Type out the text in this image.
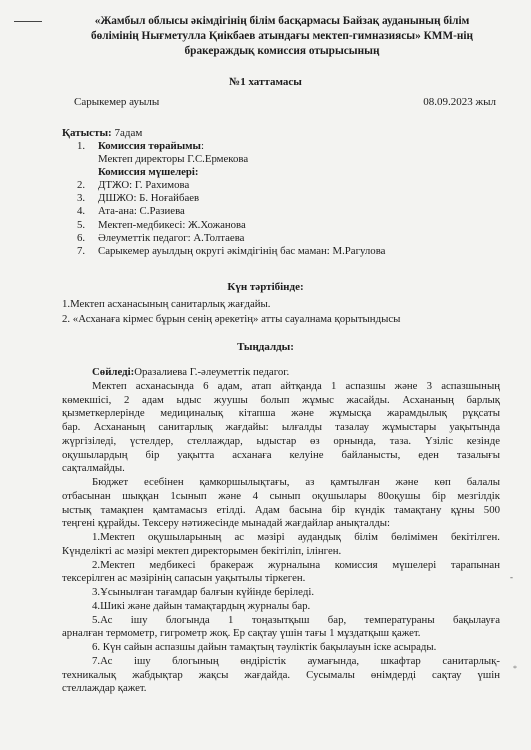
«Жамбыл облысы әкімдігінің білім басқармасы Байзақ ауданының білім
бөлімінің Нығметулла Қиікбаев атындағы мектеп-гимназиясы» КММ-нің
бракераждық комиссия отырысының
№1 хаттамасы
Сарыкемер ауылы	08.09.2023 жыл
Қатысты: 7адам
1. Комиссия төрайымы:
Мектеп директоры Г.С.Ермекова
Комиссия мүшелері:
2. ДТЖО: Г. Рахимова
3. ДШЖО: Б. Ноғайбаев
4. Ата-ана: С.Разиева
5. Мектеп-медбикесі: Ж.Хожанова
6. Әлеуметтік педагог: А.Толтаева
7. Сарыкемер ауылдың округі әкімдігінің бас маман: М.Рагулова
Күн тәртібінде:
1.Мектеп асханасының санитарлық жағдайы.
2. «Асханаға кірмес бұрын сенің әрекетің» атты сауалнама қорытындысы
Тыңдалды:
Сөйледі:Оразалиева Г.-әлеуметтік педагог.
Мектеп асханасында 6 адам, атап айтқанда 1 аспазшы және 3 аспазшының
көмекшісі, 2 адам ыдыс жуушы болып жұмыс жасайды. Асхананың барлық
қызметкерлерінде медициналық кітапша және жұмысқа жарамдылық рұқсаты
бар. Асхананың санитарлық жағдайы: ылғалды тазалау жұмыстары уақытында
жүргізіледі, үстелдер, стеллаждар, ыдыстар өз орнында, таза. Үзіліс кезінде
оқушылардың бір уақытта асханаға келуіне байланысты, еден тазалығы
сақталмайды.
Бюджет есебінен қамкоршылықтағы, аз қамтылған және көп балалы
отбасынан шыққан 1сынып және 4 сынып оқушылары 80оқушы бір мезгілдік
ыстық тамақпен қамтамасыз етілді. Адам басына бір күндік тамақтану құны 500
теңгені құрайды. Тексеру нәтижесінде мынадай жағдайлар анықталды:
1.Мектеп оқушыларының ас мәзірі аудандық білім бөлімімен бекітілген.
Күнделікті ас мәзірі мектеп директорымен бекітіліп, ілінген.
2.Мектеп медбикесі бракераж журналына комиссия мүшелері тарапынан
тексерілген ас мәзірінің сапасын уақытылы тіркеген.
3.Ұсынылған тағамдар балғын күйінде беріледі.
4.Шикі және дайын тамақтардың журналы бар.
5.Ас ішу блогында 1 тоңазытқыш бар, температураны бақылауға
арналған термометр, гигрометр жоқ. Ер сақтау үшін тағы 1 мұздатқыш қажет.
6. Күн сайын аспазшы дайын тамақтың тәуліктік бақылауын іске асырады.
7.Ас ішу блогының өндірістік аумағында, шкафтар санитарлық-
техникалық жабдықтар жақсы жағдайда. Сусымалы өнімдерді сақтау үшін
стеллаждар қажет.
-
*
